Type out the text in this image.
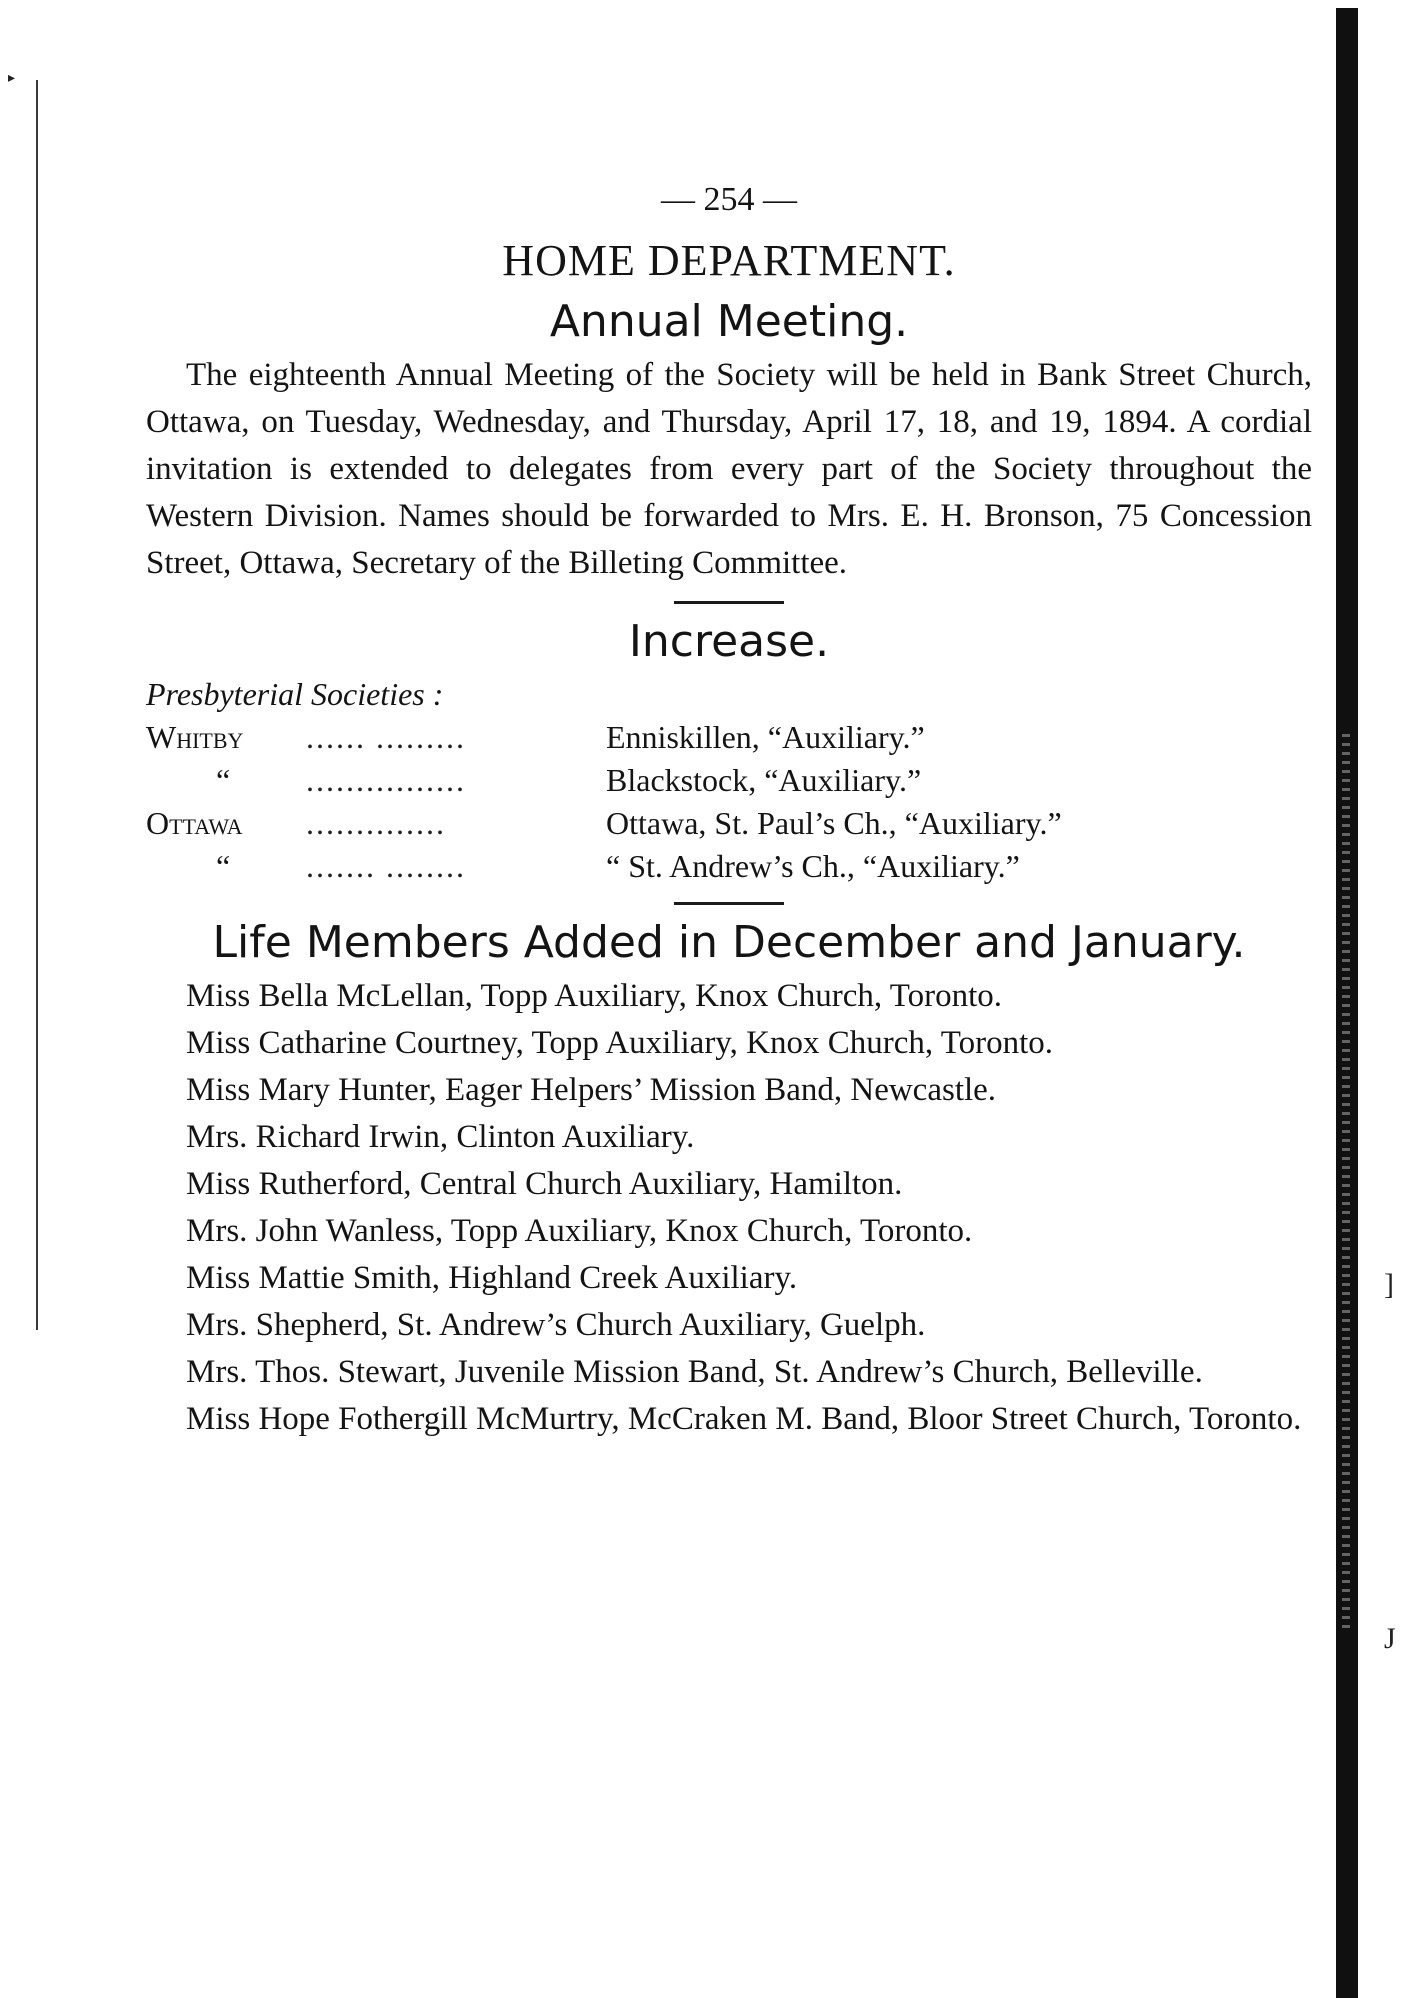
▸
]
J

— 254 —

HOME DEPARTMENT.
Annual Meeting.

The eighteenth Annual Meeting of the Society will be held in Bank Street Church, Ottawa, on Tuesday, Wednesday, and Thursday, April 17, 18, and 19, 1894. A cordial invitation is extended to delegates from every part of the Society throughout the Western Division. Names should be forwarded to Mrs. E. H. Bronson, 75 Concession Street, Ottawa, Secretary of the Billeting Committee.

Increase.

Presbyterial Societies :

Whitby	...... .........	Enniskillen, “Auxiliary.”
“	................	Blackstock, “Auxiliary.”
Ottawa	..............	Ottawa, St. Paul’s Ch., “Auxiliary.”
“	....... ........	“ St. Andrew’s Ch., “Auxiliary.”
Life Members Added in December and January.

Miss Bella McLellan, Topp Auxiliary, Knox Church, Toronto.

Miss Catharine Courtney, Topp Auxiliary, Knox Church, Toronto.

Miss Mary Hunter, Eager Helpers’ Mission Band, Newcastle.

Mrs. Richard Irwin, Clinton Auxiliary.

Miss Rutherford, Central Church Auxiliary, Hamilton.

Mrs. John Wanless, Topp Auxiliary, Knox Church, Toronto.

Miss Mattie Smith, Highland Creek Auxiliary.

Mrs. Shepherd, St. Andrew’s Church Auxiliary, Guelph.

Mrs. Thos. Stewart, Juvenile Mission Band, St. Andrew’s Church, Belleville.

Miss Hope Fothergill McMurtry, McCraken M. Band, Bloor Street Church, Toronto.
